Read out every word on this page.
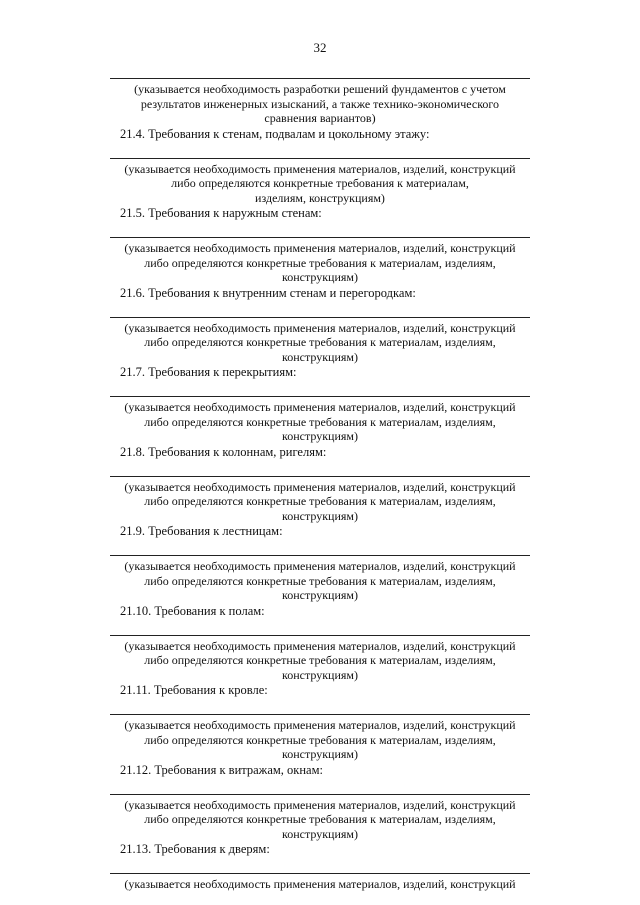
32
(указывается необходимость разработки решений фундаментов с учетом
результатов инженерных изысканий, а также технико-экономического
сравнения вариантов)
21.4. Требования к стенам, подвалам и цокольному этажу:
(указывается необходимость применения материалов, изделий, конструкций
либо определяются конкретные требования к материалам,
изделиям, конструкциям)
21.5. Требования к наружным стенам:
(указывается необходимость применения материалов, изделий, конструкций
либо определяются конкретные требования к материалам, изделиям,
конструкциям)
21.6. Требования к внутренним стенам и перегородкам:
(указывается необходимость применения материалов, изделий, конструкций
либо определяются конкретные требования к материалам, изделиям,
конструкциям)
21.7. Требования к перекрытиям:
(указывается необходимость применения материалов, изделий, конструкций
либо определяются конкретные требования к материалам, изделиям,
конструкциям)
21.8. Требования к колоннам, ригелям:
(указывается необходимость применения материалов, изделий, конструкций
либо определяются конкретные требования к материалам, изделиям,
конструкциям)
21.9. Требования к лестницам:
(указывается необходимость применения материалов, изделий, конструкций
либо определяются конкретные требования к материалам, изделиям,
конструкциям)
21.10. Требования к полам:
(указывается необходимость применения материалов, изделий, конструкций
либо определяются конкретные требования к материалам, изделиям,
конструкциям)
21.11. Требования к кровле:
(указывается необходимость применения материалов, изделий, конструкций
либо определяются конкретные требования к материалам, изделиям,
конструкциям)
21.12. Требования к витражам, окнам:
(указывается необходимость применения материалов, изделий, конструкций
либо определяются конкретные требования к материалам, изделиям,
конструкциям)
21.13. Требования к дверям:
(указывается необходимость применения материалов, изделий, конструкций
